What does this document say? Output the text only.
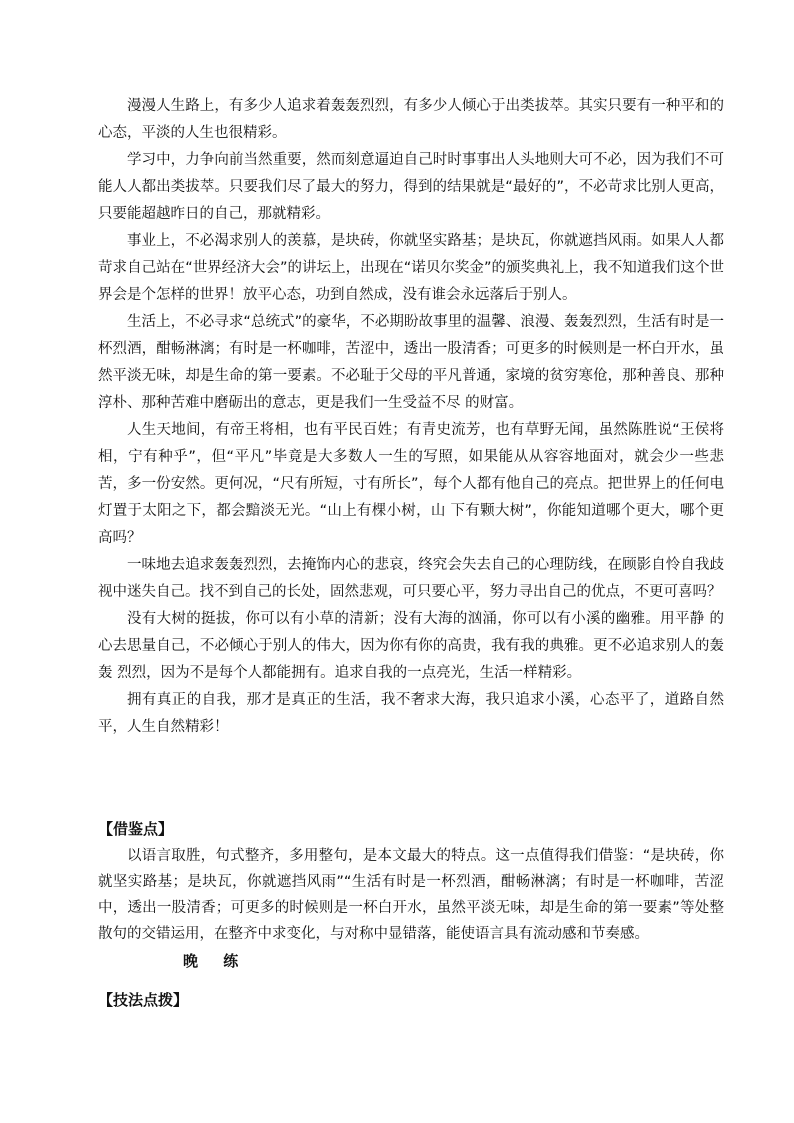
漫漫人生路上，有多少人追求着轰轰烈烈，有多少人倾心于出类拔萃。其实只要有一种平和的心态，平淡的人生也很精彩。

学习中，力争向前当然重要，然而刻意逼迫自己时时事事出人头地则大可不必，因为我们不可能人人都出类拔萃。只要我们尽了最大的努力，得到的结果就是“最好的”，不必苛求比别人更高，只要能超越昨日的自己，那就精彩。

事业上，不必渴求别人的羡慕，是块砖，你就坚实路基；是块瓦，你就遮挡风雨。如果人人都苛求自己站在“世界经济大会”的讲坛上，出现在“诺贝尔奖金”的颁奖典礼上，我不知道我们这个世界会是个怎样的世界！放平心态，功到自然成，没有谁会永远落后于别人。

生活上，不必寻求“总统式”的豪华，不必期盼故事里的温馨、浪漫、轰轰烈烈，生活有时是一杯烈酒，酣畅淋漓；有时是一杯咖啡，苦涩中，透出一股清香；可更多的时候则是一杯白开水，虽然平淡无味，却是生命的第一要素。不必耻于父母的平凡普通，家境的贫穷寒伧，那种善良、那种淳朴、那种苦难中磨砺出的意志，更是我们一生受益不尽 的财富。

人生天地间，有帝王将相，也有平民百姓；有青史流芳，也有草野无闻，虽然陈胜说“王侯将相，宁有种乎”，但“平凡”毕竟是大多数人一生的写照，如果能从从容容地面对，就会少一些悲苦，多一份安然。更何况，“尺有所短，寸有所长”，每个人都有他自己的亮点。把世界上的任何电灯置于太阳之下，都会黯淡无光。“山上有棵小树，山 下有颗大树”，你能知道哪个更大，哪个更高吗？

一味地去追求轰轰烈烈，去掩饰内心的悲哀，终究会失去自己的心理防线，在顾影自怜自我歧视中迷失自己。找不到自己的长处，固然悲观，可只要心平，努力寻出自己的优点，不更可喜吗？

没有大树的挺拔，你可以有小草的清新；没有大海的汹涌，你可以有小溪的幽雅。用平静 的心去思量自己，不必倾心于别人的伟大，因为你有你的高贵，我有我的典雅。更不必追求别人的轰轰 烈烈，因为不是每个人都能拥有。追求自我的一点亮光，生活一样精彩。

拥有真正的自我，那才是真正的生活，我不奢求大海，我只追求小溪，心态平了，道路自然平，人生自然精彩！

【借鉴点】

以语言取胜，句式整齐，多用整句，是本文最大的特点。这一点值得我们借鉴：“是块砖，你就坚实路基；是块瓦，你就遮挡风雨”“生活有时是一杯烈酒，酣畅淋漓；有时是一杯咖啡，苦涩中，透出一股清香；可更多的时候则是一杯白开水，虽然平淡无味，却是生命的第一要素”等处整散句的交错运用，在整齐中求变化，与对称中显错落，能使语言具有流动感和节奏感。

晚 练
【技法点拨】
